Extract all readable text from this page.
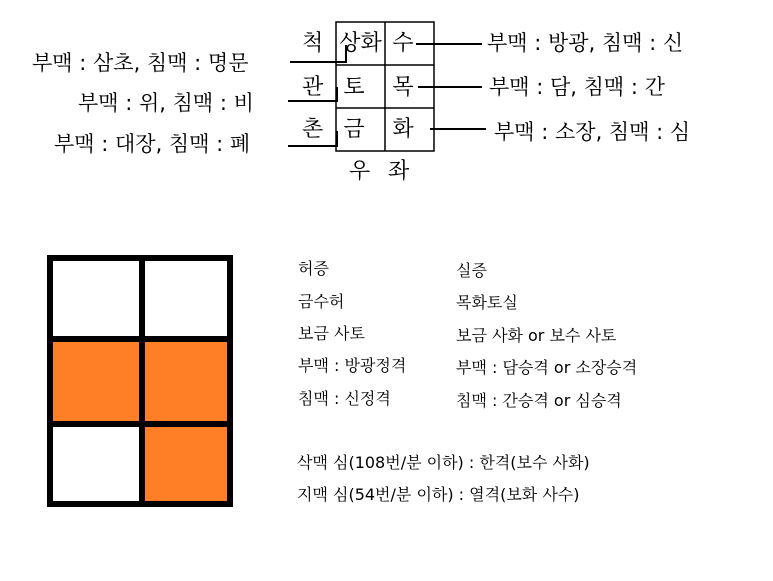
척
관
촌
상화 수
토	목
금	화
우 좌
부맥 : 삼초, 침맥 : 명문
부맥 : 위, 침맥 : 비
부맥 : 대장, 침맥 : 폐
부맥 : 방광, 침맥 : 신
부맥 : 담, 침맥 : 간
부맥 : 소장, 침맥 : 심
허증
금수허
보금 사토
부맥 : 방광정격
침맥 : 신정격
실증
목화토실
보금 사화 or 보수 사토
부맥 : 담승격 or 소장승격
침맥 : 간승격 or 심승격
삭맥 심(108번/분 이하) : 한격(보수 사화)
지맥 심(54번/분 이하) : 열격(보화 사수)
